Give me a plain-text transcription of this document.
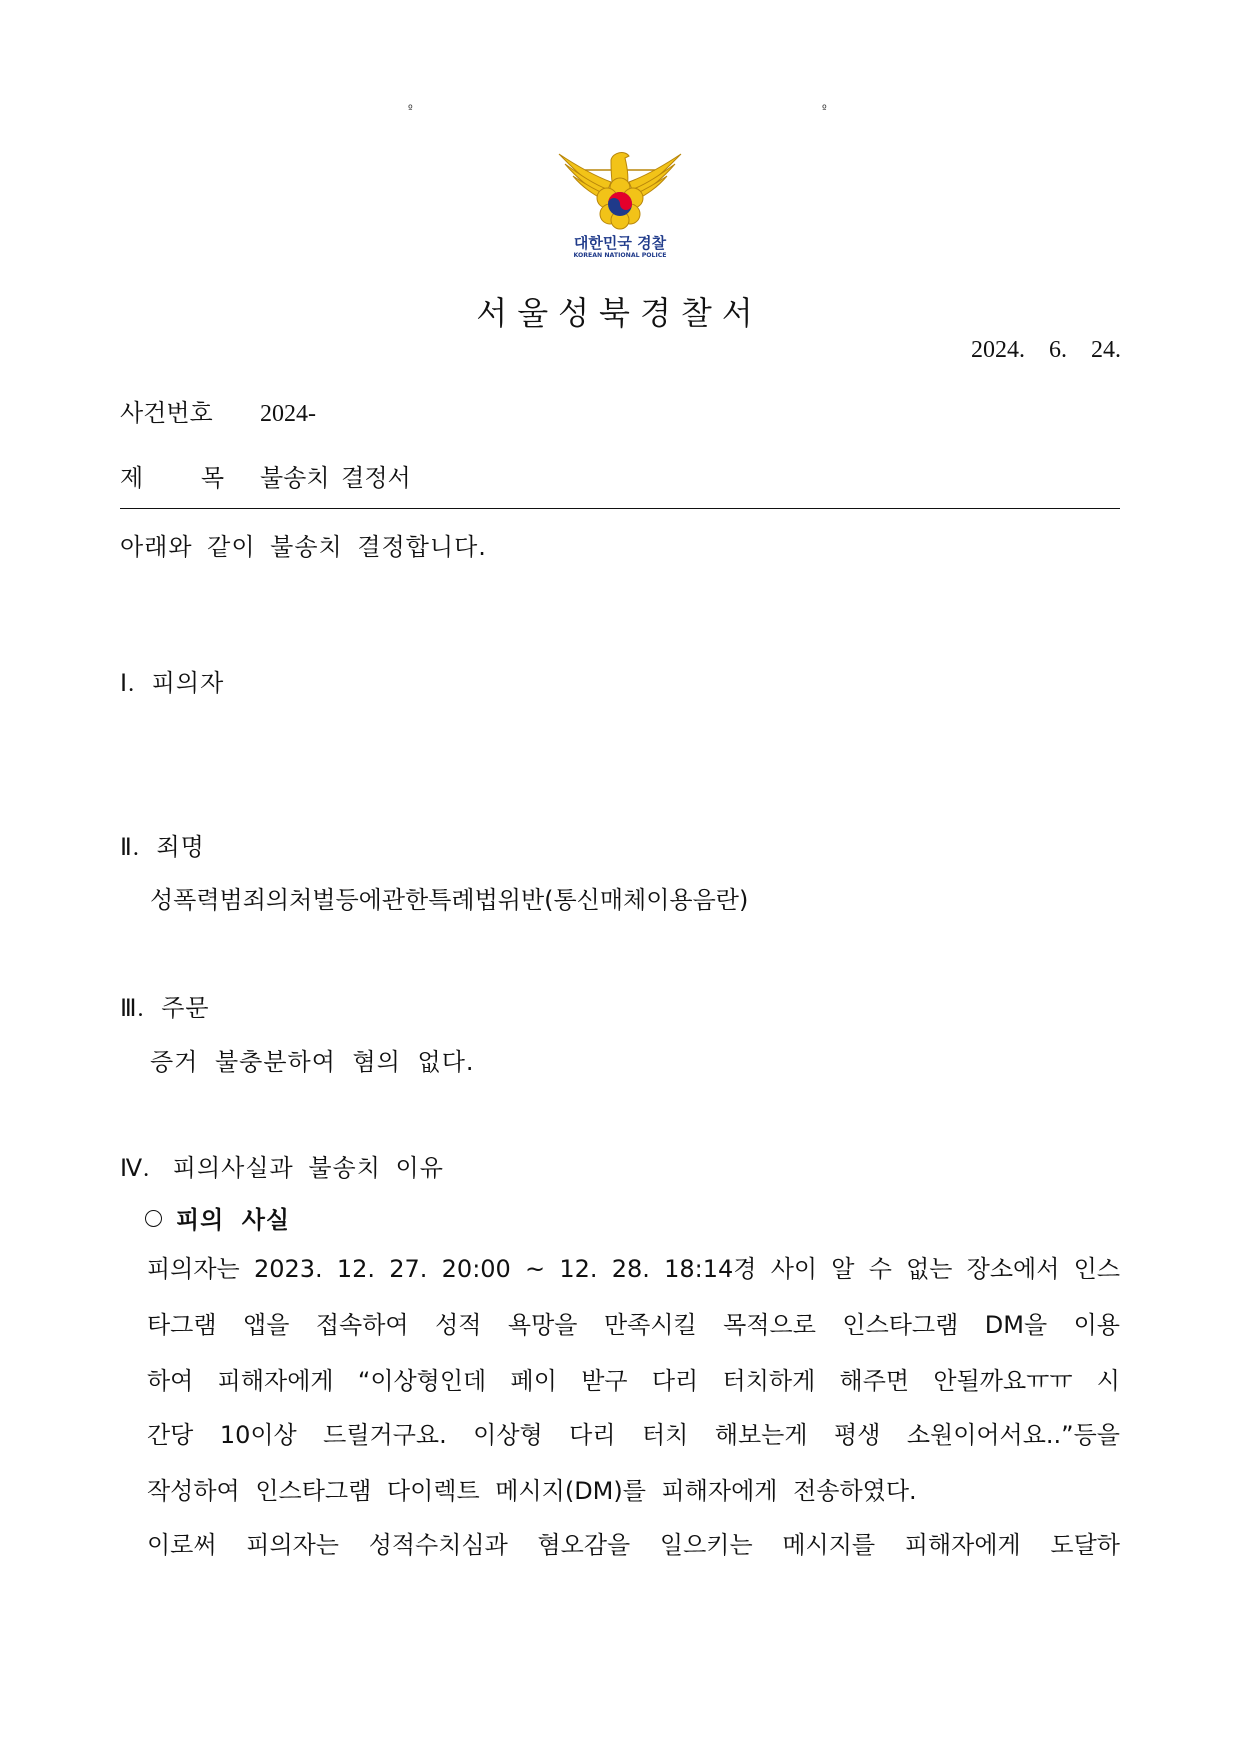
º	º
대한민국 경찰
KOREAN NATIONAL POLICE
서울성북경찰서
2024.  6.  24.
사건번호	2024-
제 목 불송치 결정서
아래와 같이 불송치 결정합니다.
Ⅰ. 피의자
Ⅱ. 죄명
성폭력범죄의처벌등에관한특례법위반(통신매체이용음란)
Ⅲ. 주문
증거 불충분하여 혐의 없다.
Ⅳ. 피의사실과 불송치 이유
피의 사실
피의자는 2023. 12. 27. 20:00 ~ 12. 28. 18:14경 사이 알 수 없는 장소에서 인스
타그램 앱을 접속하여 성적 욕망을 만족시킬 목적으로 인스타그램 DM을 이용
하여 피해자에게 “이상형인데 페이 받구 다리 터치하게 해주면 안될까요ㅠㅠ 시
간당 10이상 드릴거구요. 이상형 다리 터치 해보는게 평생 소원이어서요..”등을
작성하여 인스타그램 다이렉트 메시지(DM)를 피해자에게 전송하였다.
이로써 피의자는 성적수치심과 혐오감을 일으키는 메시지를 피해자에게 도달하
